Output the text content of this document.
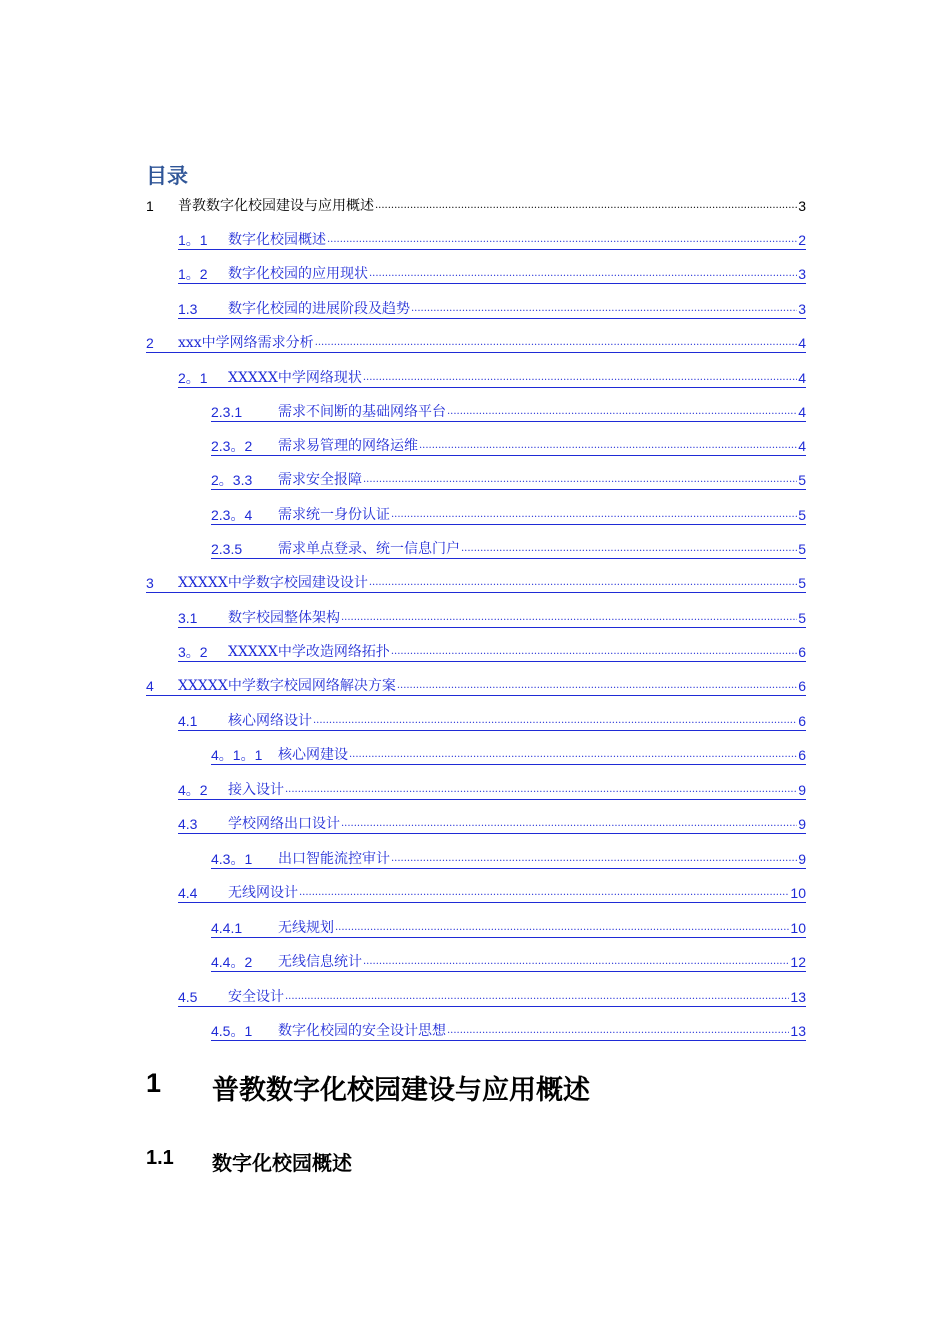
目录
1	普教数字化校园建设与应用概述 .....	3
1。1	数字化校园概述 .....	2
1。2	数字化校园的应用现状 .....	3
1.3	数字化校园的进展阶段及趋势 .....	3
2	xxx中学网络需求分析 .....	4
2。1	XXXXX中学网络现状 .....	4
2.3.1	需求不间断的基础网络平台 .....	4
2.3。2	需求易管理的网络运维 .....	4
2。3.3	需求安全报障 .....	5
2.3。4	需求统一身份认证 .....	5
2.3.5	需求单点登录、统一信息门户 .....	5
3	XXXXX中学数字校园建设设计 .....	5
3.1	数字校园整体架构 .....	5
3。2	XXXXX中学改造网络拓扑 .....	6
4	XXXXX中学数字校园网络解决方案 .....	6
4.1	核心网络设计 .....	6
4。1。1	核心网建设 .....	6
4。2	接入设计 .....	9
4.3	学校网络出口设计 .....	9
4.3。1	出口智能流控审计 .....	9
4.4	无线网设计 .....	10
4.4.1	无线规划 .....	10
4.4。2	无线信息统计 .....	12
4.5	安全设计 .....	13
4.5。1	数字化校园的安全设计思想 .....	13
1	普教数字化校园建设与应用概述
1.1	数字化校园概述
